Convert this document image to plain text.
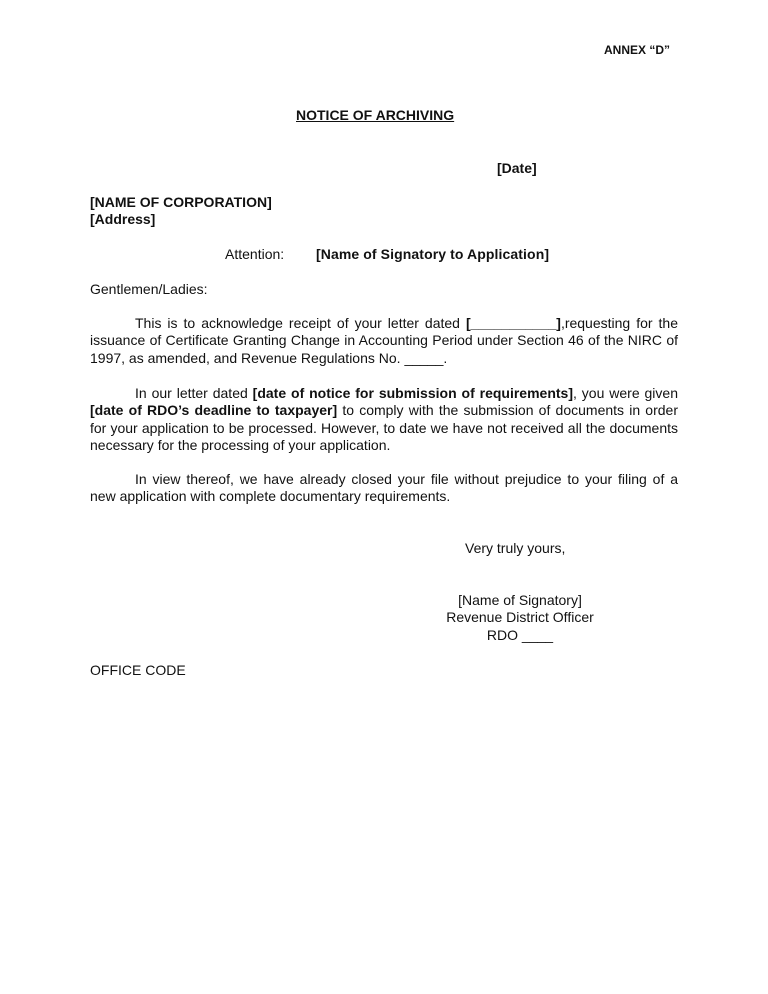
ANNEX “D”
NOTICE OF ARCHIVING
[Date]
[NAME OF CORPORATION]
[Address]
Attention: [Name of Signatory to Application]
Gentlemen/Ladies:
This is to acknowledge receipt of your letter dated [___________],requesting for the issuance of Certificate Granting Change in Accounting Period under Section 46 of the NIRC of 1997, as amended, and Revenue Regulations No. _____.
In our letter dated [date of notice for submission of requirements], you were given [date of RDO’s deadline to taxpayer] to comply with the submission of documents in order for your application to be processed. However, to date we have not received all the documents necessary for the processing of your application.
In view thereof, we have already closed your file without prejudice to your filing of a new application with complete documentary requirements.
Very truly yours,
[Name of Signatory]
Revenue District Officer
RDO ____
OFFICE CODE
